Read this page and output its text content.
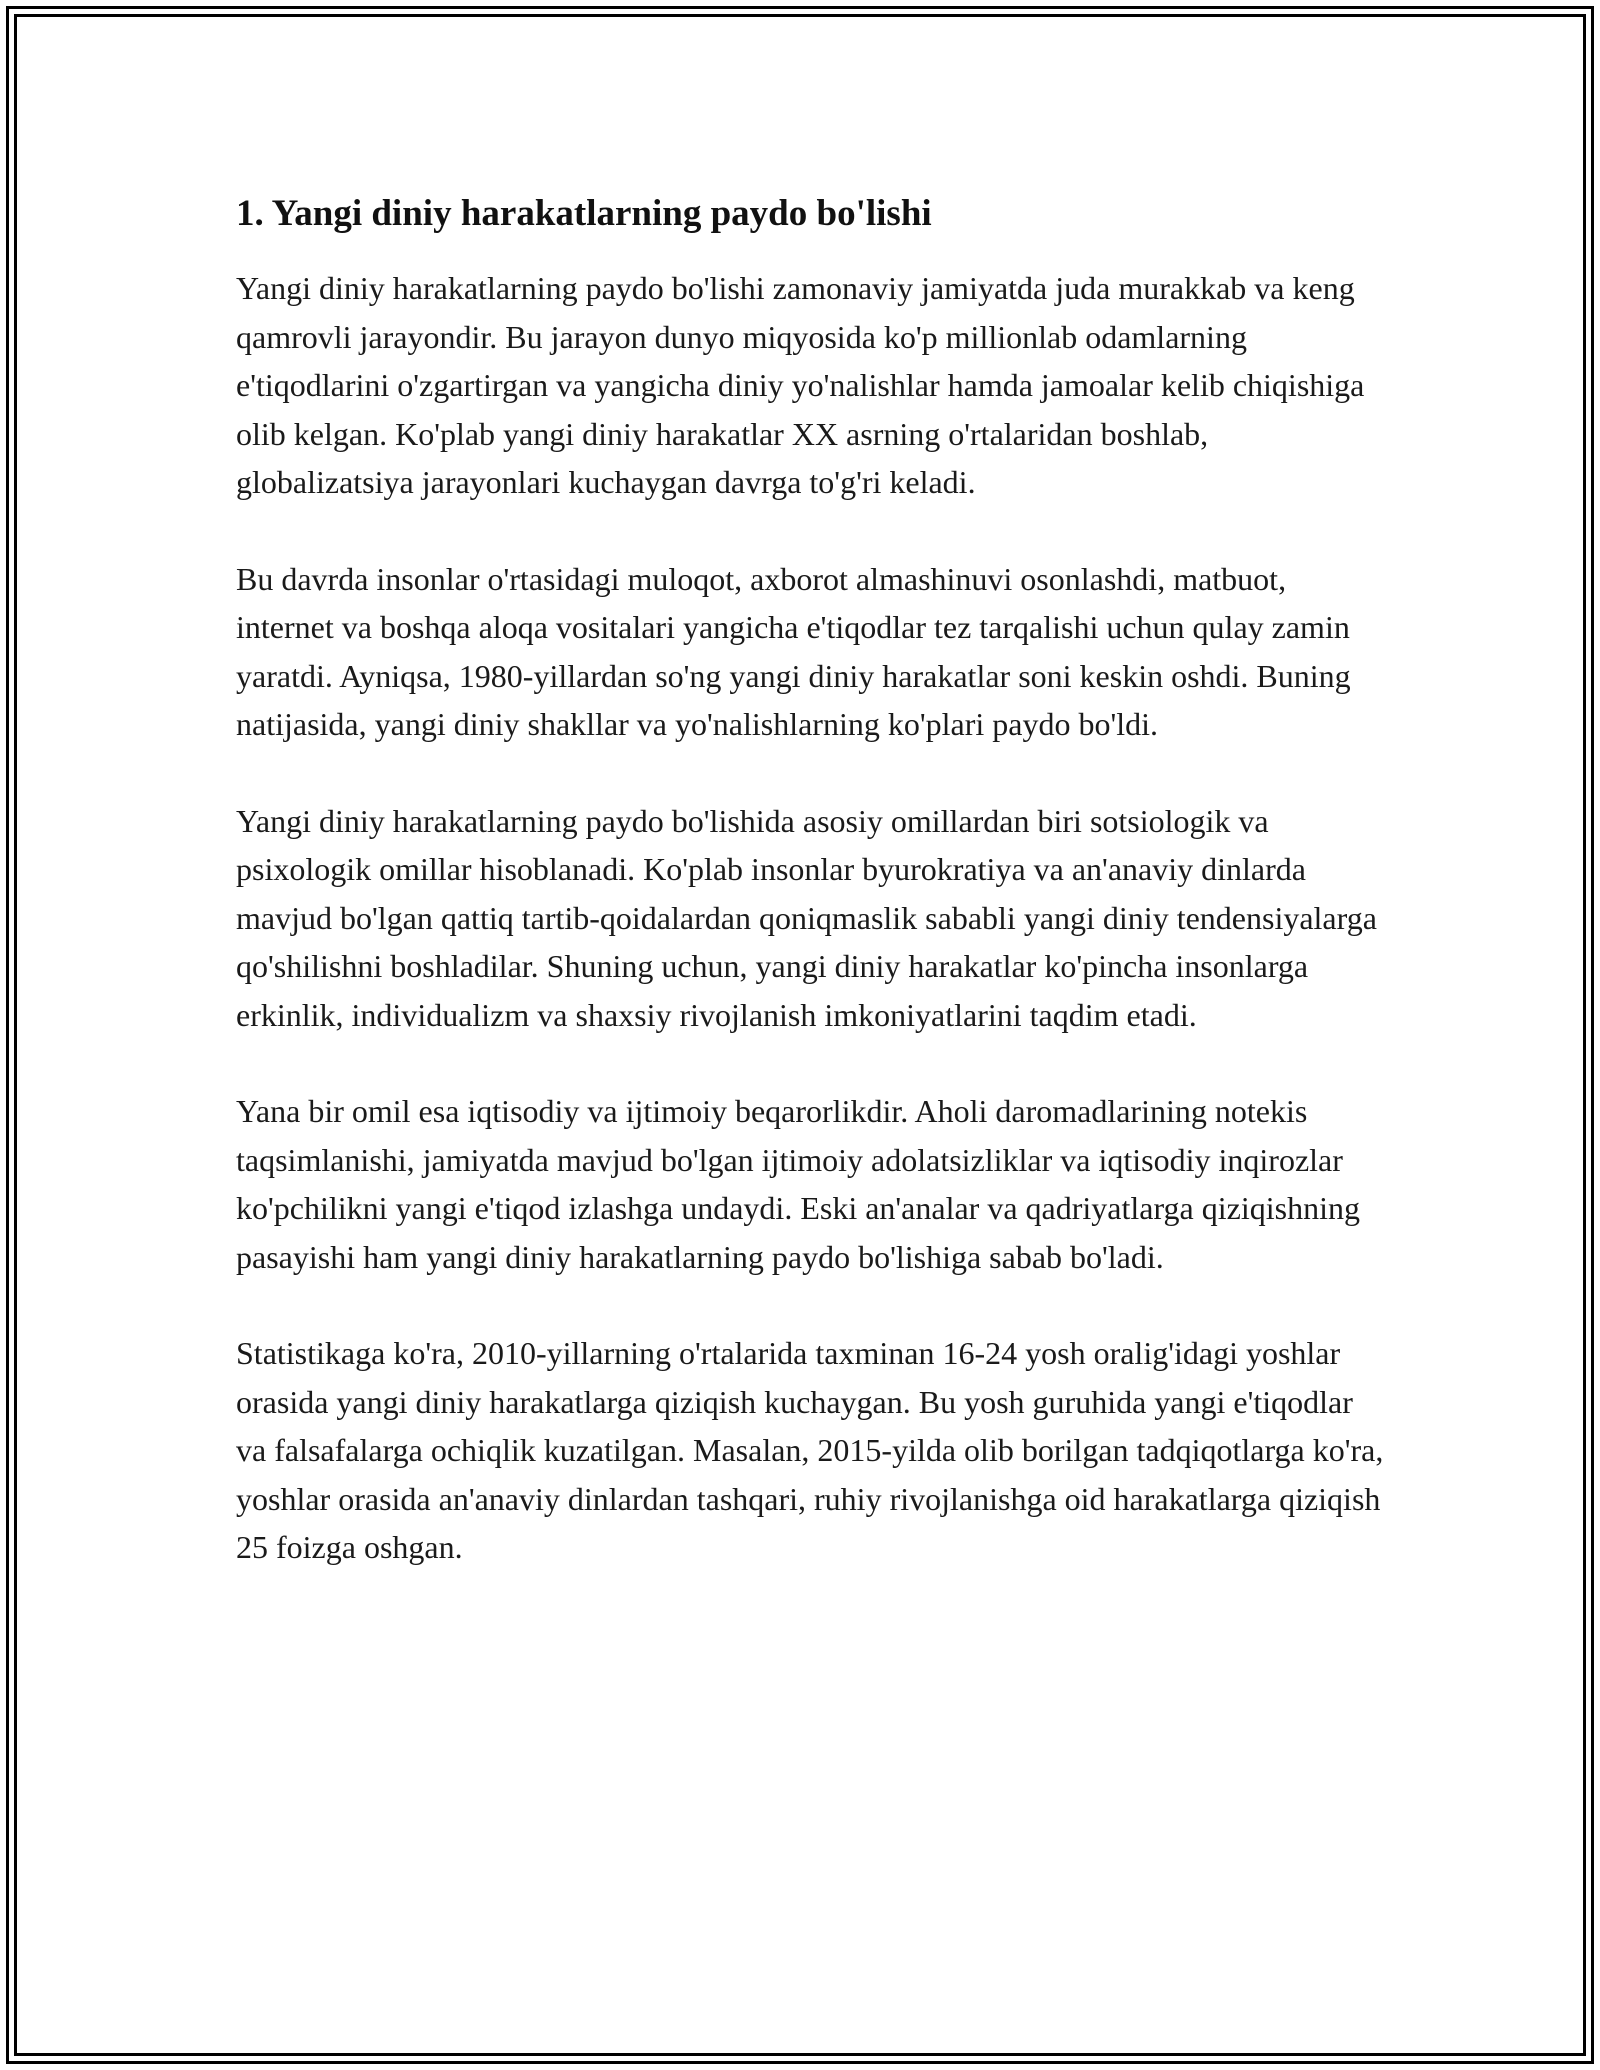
1. Yangi diniy harakatlarning paydo bo'lishi

Yangi diniy harakatlarning paydo bo'lishi zamonaviy jamiyatda juda murakkab va keng qamrovli jarayondir. Bu jarayon dunyo miqyosida ko'p millionlab odamlarning e'tiqodlarini o'zgartirgan va yangicha diniy yo'nalishlar hamda jamoalar kelib chiqishiga olib kelgan. Ko'plab yangi diniy harakatlar XX asrning o'rtalaridan boshlab, globalizatsiya jarayonlari kuchaygan davrga to'g'ri keladi.

Bu davrda insonlar o'rtasidagi muloqot, axborot almashinuvi osonlashdi, matbuot, internet va boshqa aloqa vositalari yangicha e'tiqodlar tez tarqalishi uchun qulay zamin yaratdi. Ayniqsa, 1980-yillardan so'ng yangi diniy harakatlar soni keskin oshdi. Buning natijasida, yangi diniy shakllar va yo'nalishlarning ko'plari paydo bo'ldi.

Yangi diniy harakatlarning paydo bo'lishida asosiy omillardan biri sotsiologik va psixologik omillar hisoblanadi. Ko'plab insonlar byurokratiya va an'anaviy dinlarda mavjud bo'lgan qattiq tartib-qoidalardan qoniqmaslik sababli yangi diniy tendensiyalarga qo'shilishni boshladilar. Shuning uchun, yangi diniy harakatlar ko'pincha insonlarga erkinlik, individualizm va shaxsiy rivojlanish imkoniyatlarini taqdim etadi.

Yana bir omil esa iqtisodiy va ijtimoiy beqarorlikdir. Aholi daromadlarining notekis taqsimlanishi, jamiyatda mavjud bo'lgan ijtimoiy adolatsizliklar va iqtisodiy inqirozlar ko'pchilikni yangi e'tiqod izlashga undaydi. Eski an'analar va qadriyatlarga qiziqishning pasayishi ham yangi diniy harakatlarning paydo bo'lishiga sabab bo'ladi.

Statistikaga ko'ra, 2010-yillarning o'rtalarida taxminan 16-24 yosh oralig'idagi yoshlar orasida yangi diniy harakatlarga qiziqish kuchaygan. Bu yosh guruhida yangi e'tiqodlar va falsafalarga ochiqlik kuzatilgan. Masalan, 2015-yilda olib borilgan tadqiqotlarga ko'ra, yoshlar orasida an'anaviy dinlardan tashqari, ruhiy rivojlanishga oid harakatlarga qiziqish 25 foizga oshgan.
